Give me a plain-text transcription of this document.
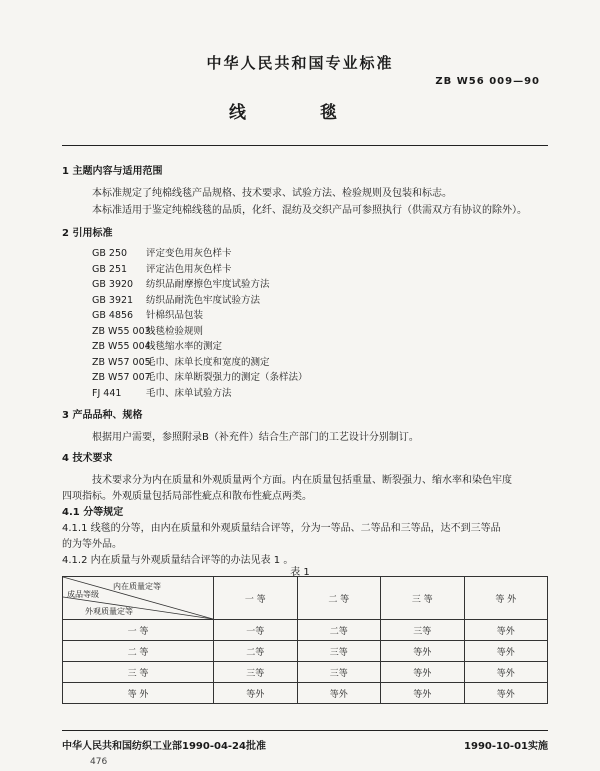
中华人民共和国专业标准
ZB W56 009—90
线 毯
1 主题内容与适用范围
本标准规定了纯棉线毯产品规格、技术要求、试验方法、检验规则及包装和标志。
本标准适用于鉴定纯棉线毯的品质，化纤、混纺及交织产品可参照执行（供需双方有协议的除外）。
2 引用标准
GB 250 评定变色用灰色样卡
GB 251 评定沾色用灰色样卡
GB 3920 纺织品耐摩擦色牢度试验方法
GB 3921 纺织品耐洗色牢度试验方法
GB 4856 针棉织品包装
ZB W55 003线毯检验规则
ZB W55 004线毯缩水率的测定
ZB W57 005毛巾、床单长度和宽度的测定
ZB W57 007毛巾、床单断裂强力的测定（条样法）
FJ 441	毛巾、床单试验方法
3 产品品种、规格
根据用户需要，参照附录B（补充件）结合生产部门的工艺设计分别制订。
4 技术要求
技术要求分为内在质量和外观质量两个方面。内在质量包括重量、断裂强力、缩水率和染色牢度
四项指标。外观质量包括局部性疵点和散布性疵点两类。
4.1 分等规定
4.1.1 线毯的分等，由内在质量和外观质量结合评等，分为一等品、二等品和三等品，达不到三等品
的为等外品。
4.1.2 内在质量与外观质量结合评等的办法见表 1 。
表 1
内在质量定等
成品等级
外观质量定等	一 等	二 等	三 等	等 外
一 等	一等	二等	三等	等外
二 等	二等	三等	等外	等外
三 等	三等	三等	等外	等外
等 外	等外	等外	等外	等外
中华人民共和国纺织工业部1990-04-24批准	1990-10-01实施
476
